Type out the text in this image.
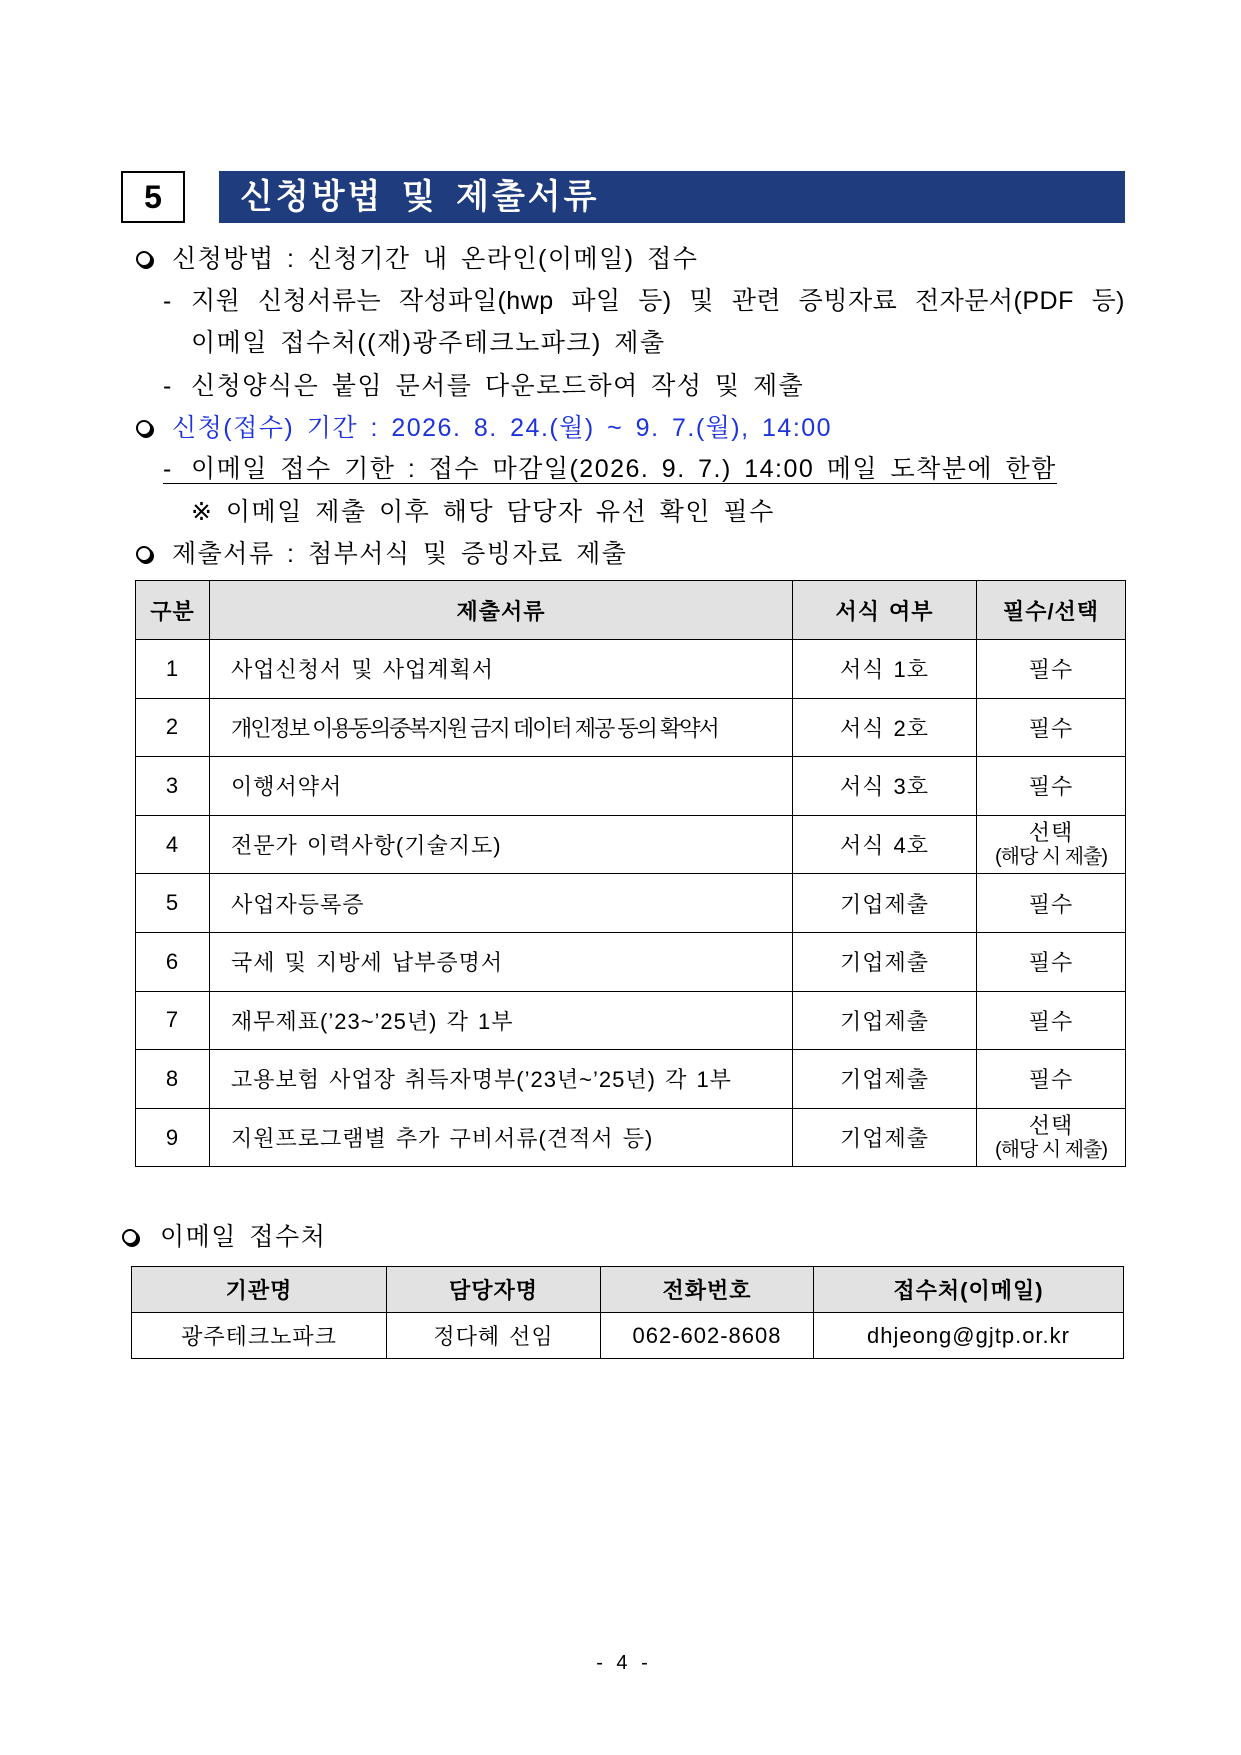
5	신청방법 및 제출서류
신청방법 : 신청기간 내 온라인(이메일) 접수
- 지원 신청서류는 작성파일(hwp 파일 등) 및 관련 증빙자료 전자문서(PDF 등)
이메일 접수처((재)광주테크노파크) 제출
- 신청양식은 붙임 문서를 다운로드하여 작성 및 제출
신청(접수) 기간 : 2026. 8. 24.(월) ~ 9. 7.(월), 14:00
- 이메일 접수 기한 : 접수 마감일(2026. 9. 7.) 14:00 메일 도착분에 한함
※ 이메일 제출 이후 해당 담당자 유선 확인 필수
제출서류 : 첨부서식 및 증빙자료 제출
구분	제출서류	서식 여부	필수/선택
1	사업신청서 및 사업계획서	서식 1호	필수
2	개인정보 이용동의중복지원 금지 데이터 제공 동의 확약서	서식 2호	필수
3	이행서약서	서식 3호	필수
4	전문가 이력사항(기술지도)	서식 4호	선택
(해당 시 제출)

5	사업자등록증	기업제출	필수
6	국세 및 지방세 납부증명서	기업제출	필수
7	재무제표(’23~’25년) 각 1부	기업제출	필수
8	고용보험 사업장 취득자명부(’23년~’25년) 각 1부	기업제출	필수
9	지원프로그램별 추가 구비서류(견적서 등)	기업제출	선택
(해당 시 제출)
이메일 접수처
기관명	담당자명	전화번호	접수처(이메일)
광주테크노파크	정다혜 선임	062-602-8608	dhjeong@gjtp.or.kr
- 4 -
